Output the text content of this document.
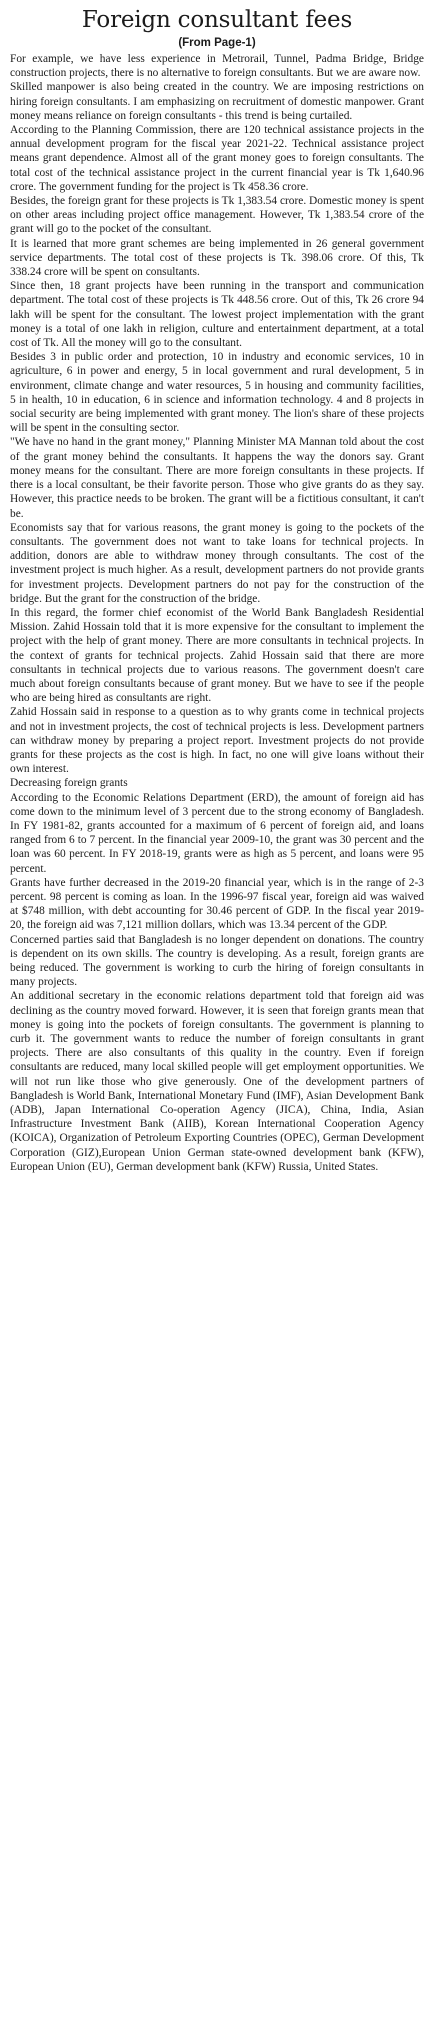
Foreign consultant fees
(From Page-1)

For example, we have less experience in Metrorail, Tunnel, Padma Bridge, Bridge construction projects, there is no alternative to foreign consultants. But we are aware now.

Skilled manpower is also being created in the country. We are imposing restrictions on hiring foreign consultants. I am emphasizing on recruitment of domestic manpower. Grant money means reliance on foreign consultants - this trend is being curtailed.

According to the Planning Commission, there are 120 technical assistance projects in the annual development program for the fiscal year 2021-22. Technical assistance project means grant dependence. Almost all of the grant money goes to foreign consultants. The total cost of the technical assistance project in the current financial year is Tk 1,640.96 crore. The government funding for the project is Tk 458.36 crore.

Besides, the foreign grant for these projects is Tk 1,383.54 crore. Domestic money is spent on other areas including project office management. However, Tk 1,383.54 crore of the grant will go to the pocket of the consultant.

It is learned that more grant schemes are being implemented in 26 general government service departments. The total cost of these projects is Tk. 398.06 crore. Of this, Tk 338.24 crore will be spent on consultants.

Since then, 18 grant projects have been running in the transport and communication department. The total cost of these projects is Tk 448.56 crore. Out of this, Tk 26 crore 94 lakh will be spent for the consultant. The lowest project implementation with the grant money is a total of one lakh in religion, culture and entertainment department, at a total cost of Tk. All the money will go to the consultant.

Besides 3 in public order and protection, 10 in industry and economic services, 10 in agriculture, 6 in power and energy, 5 in local government and rural development, 5 in environment, climate change and water resources, 5 in housing and community facilities, 5 in health, 10 in education, 6 in science and information technology. 4 and 8 projects in social security are being implemented with grant money. The lion's share of these projects will be spent in the consulting sector.

"We have no hand in the grant money," Planning Minister MA Mannan told about the cost of the grant money behind the consultants. It happens the way the donors say. Grant money means for the consultant. There are more foreign consultants in these projects. If there is a local consultant, be their favorite person. Those who give grants do as they say. However, this practice needs to be broken. The grant will be a fictitious consultant, it can't be.

Economists say that for various reasons, the grant money is going to the pockets of the consultants. The government does not want to take loans for technical projects. In addition, donors are able to withdraw money through consultants. The cost of the investment project is much higher. As a result, development partners do not provide grants for investment projects. Development partners do not pay for the construction of the bridge. But the grant for the construction of the bridge.

In this regard, the former chief economist of the World Bank Bangladesh Residential Mission. Zahid Hossain told that it is more expensive for the consultant to implement the project with the help of grant money. There are more consultants in technical projects. In the context of grants for technical projects. Zahid Hossain said that there are more consultants in technical projects due to various reasons. The government doesn't care much about foreign consultants because of grant money. But we have to see if the people who are being hired as consultants are right.

Zahid Hossain said in response to a question as to why grants come in technical projects and not in investment projects, the cost of technical projects is less. Development partners can withdraw money by preparing a project report. Investment projects do not provide grants for these projects as the cost is high. In fact, no one will give loans without their own interest.

Decreasing foreign grants

According to the Economic Relations Department (ERD), the amount of foreign aid has come down to the minimum level of 3 percent due to the strong economy of Bangladesh. In FY 1981-82, grants accounted for a maximum of 6 percent of foreign aid, and loans ranged from 6 to 7 percent. In the financial year 2009-10, the grant was 30 percent and the loan was 60 percent. In FY 2018-19, grants were as high as 5 percent, and loans were 95 percent.

Grants have further decreased in the 2019-20 financial year, which is in the range of 2-3 percent. 98 percent is coming as loan. In the 1996-97 fiscal year, foreign aid was waived at $748 million, with debt accounting for 30.46 percent of GDP. In the fiscal year 2019-20, the foreign aid was 7,121 million dollars, which was 13.34 percent of the GDP.

Concerned parties said that Bangladesh is no longer dependent on donations. The country is dependent on its own skills. The country is developing. As a result, foreign grants are being reduced. The government is working to curb the hiring of foreign consultants in many projects.

An additional secretary in the economic relations department told that foreign aid was declining as the country moved forward. However, it is seen that foreign grants mean that money is going into the pockets of foreign consultants. The government is planning to curb it. The government wants to reduce the number of foreign consultants in grant projects. There are also consultants of this quality in the country. Even if foreign consultants are reduced, many local skilled people will get employment opportunities. We will not run like those who give generously. One of the development partners of Bangladesh is World Bank, International Monetary Fund (IMF), Asian Development Bank (ADB), Japan International Co-operation Agency (JICA), China, India, Asian Infrastructure Investment Bank (AIIB), Korean International Cooperation Agency (KOICA), Organization of Petroleum Exporting Countries (OPEC), German Development Corporation (GIZ),European Union German state-owned development bank (KFW), European Union (EU), German development bank (KFW) Russia, United States.
